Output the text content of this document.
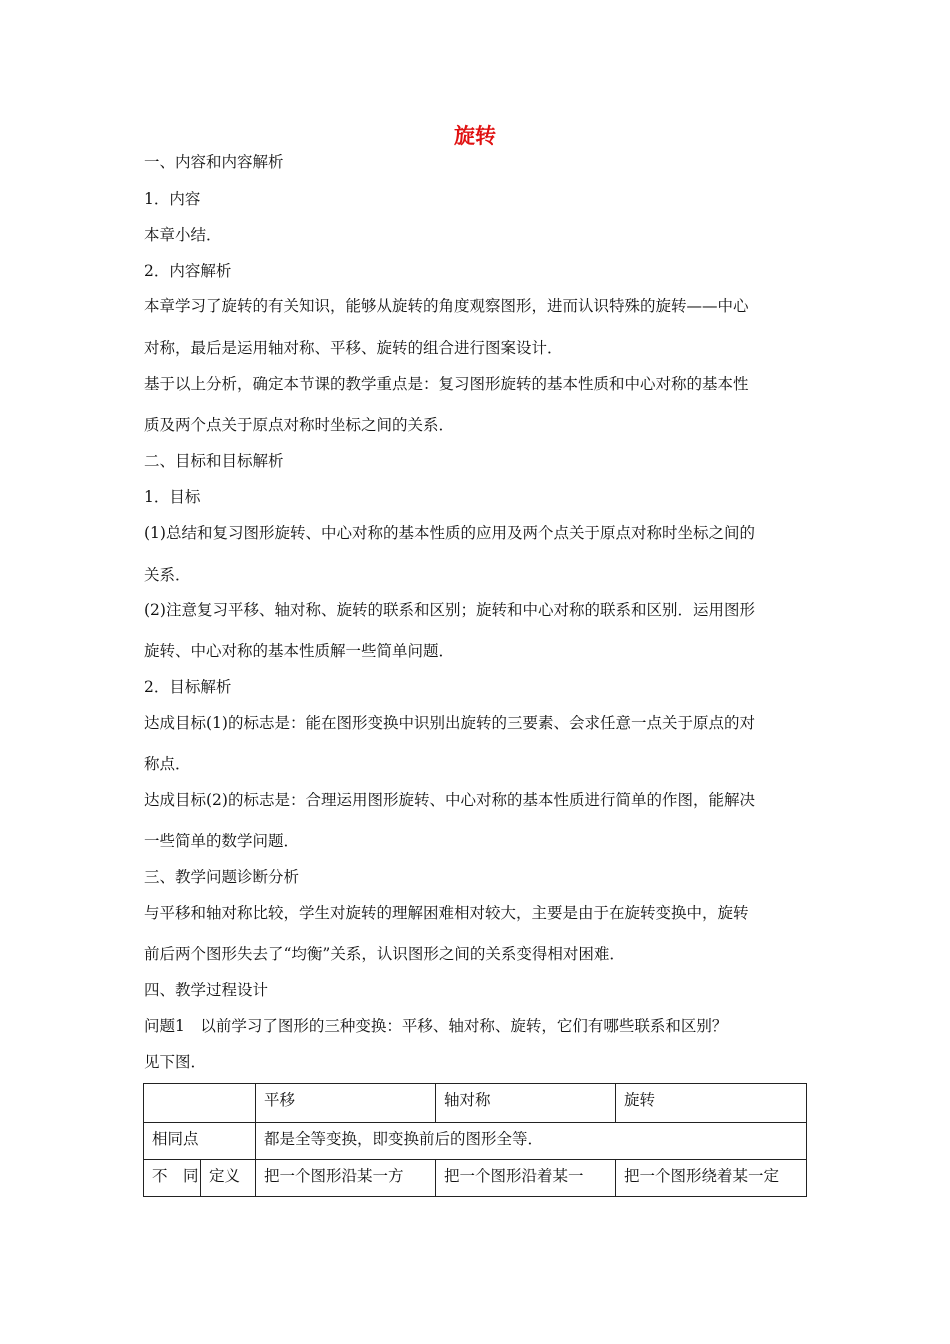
旋转
一、内容和内容解析
1．内容
本章小结．
2．内容解析
本章学习了旋转的有关知识，能够从旋转的角度观察图形，进而认识特殊的旋转——中心
对称，最后是运用轴对称、平移、旋转的组合进行图案设计．
基于以上分析，确定本节课的教学重点是：复习图形旋转的基本性质和中心对称的基本性
质及两个点关于原点对称时坐标之间的关系．
二、目标和目标解析
1．目标
(1)总结和复习图形旋转、中心对称的基本性质的应用及两个点关于原点对称时坐标之间的
关系．
(2)注意复习平移、轴对称、旋转的联系和区别；旋转和中心对称的联系和区别．运用图形
旋转、中心对称的基本性质解一些简单问题．
2．目标解析
达成目标(1)的标志是：能在图形变换中识别出旋转的三要素、会求任意一点关于原点的对
称点．
达成目标(2)的标志是：合理运用图形旋转、中心对称的基本性质进行简单的作图，能解决
一些简单的数学问题．
三、教学问题诊断分析
与平移和轴对称比较，学生对旋转的理解困难相对较大，主要是由于在旋转变换中，旋转
前后两个图形失去了“均衡”关系，认识图形之间的关系变得相对困难．
四、教学过程设计
问题1　以前学习了图形的三种变换：平移、轴对称、旋转，它们有哪些联系和区别？
见下图．
		平移	轴对称	旋转
相同点		都是全等变换，即变换前后的图形全等．		
不　同	定义	把一个图形沿某一方	把一个图形沿着某一	把一个图形绕着某一定
